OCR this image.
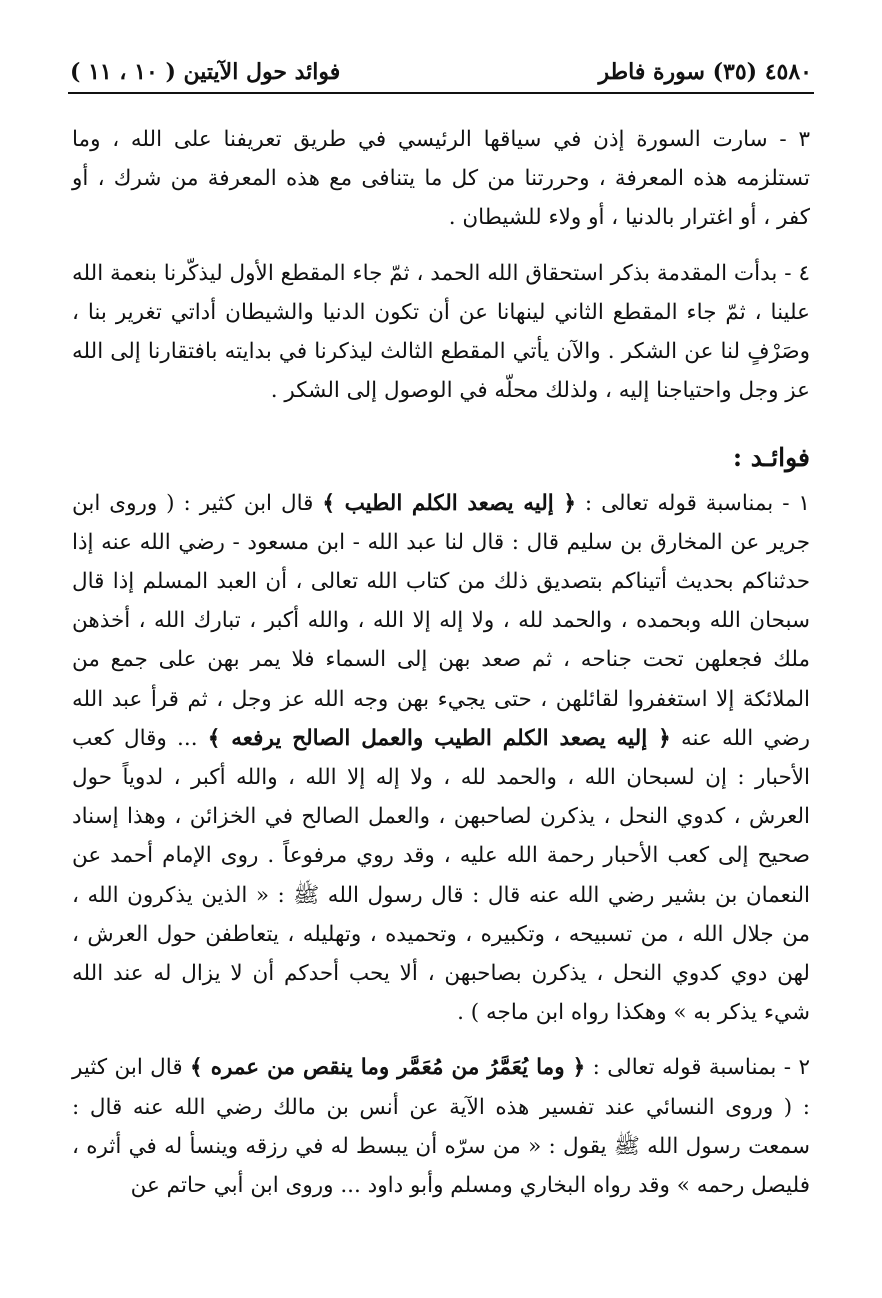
٤٥٨٠ (٣٥) سورة فاطر
فوائد حول الآيتين ( ١٠ ، ١١ )

٣ - سارت السورة إذن في سياقها الرئيسي في طريق تعريفنا على الله ، وما تستلزمه هذه المعرفة ، وحررتنا من كل ما يتنافى مع هذه المعرفة من شرك ، أو كفر ، أو اغترار بالدنيا ، أو ولاء للشيطان .

٤ - بدأت المقدمة بذكر استحقاق الله الحمد ، ثمّ جاء المقطع الأول ليذكّرنا بنعمة الله علينا ، ثمّ جاء المقطع الثاني لينهانا عن أن تكون الدنيا والشيطان أداتي تغرير بنا ، وصَرْفٍ لنا عن الشكر . والآن يأتي المقطع الثالث ليذكرنا في بدايته بافتقارنا إلى الله عز وجل واحتياجنا إليه ، ولذلك محلّه في الوصول إلى الشكر .

فوائـد :

١ - بمناسبة قوله تعالى : ﴿ إليه يصعد الكلم الطيب ﴾ قال ابن كثير : ( وروى ابن جرير عن المخارق بن سليم قال : قال لنا عبد الله - ابن مسعود - رضي الله عنه إذا حدثناكم بحديث أتيناكم بتصديق ذلك من كتاب الله تعالى ، أن العبد المسلم إذا قال سبحان الله وبحمده ، والحمد لله ، ولا إله إلا الله ، والله أكبر ، تبارك الله ، أخذهن ملك فجعلهن تحت جناحه ، ثم صعد بهن إلى السماء فلا يمر بهن على جمع من الملائكة إلا استغفروا لقائلهن ، حتى يجيء بهن وجه الله عز وجل ، ثم قرأ عبد الله رضي الله عنه ﴿ إليه يصعد الكلم الطيب والعمل الصالح يرفعه ﴾ ... وقال كعب الأحبار : إن لسبحان الله ، والحمد لله ، ولا إله إلا الله ، والله أكبر ، لدوياً حول العرش ، كدوي النحل ، يذكرن لصاحبهن ، والعمل الصالح في الخزائن ، وهذا إسناد صحيح إلى كعب الأحبار رحمة الله عليه ، وقد روي مرفوعاً . روى الإمام أحمد عن النعمان بن بشير رضي الله عنه قال : قال رسول الله ﷺ : « الذين يذكرون الله ، من جلال الله ، من تسبيحه ، وتكبيره ، وتحميده ، وتهليله ، يتعاطفن حول العرش ، لهن دوي كدوي النحل ، يذكرن بصاحبهن ، ألا يحب أحدكم أن لا يزال له عند الله شيء يذكر به » وهكذا رواه ابن ماجه ) .

٢ - بمناسبة قوله تعالى : ﴿ وما يُعَمَّرُ من مُعَمَّر وما ينقص من عمره ﴾ قال ابن كثير : ( وروى النسائي عند تفسير هذه الآية عن أنس بن مالك رضي الله عنه قال : سمعت رسول الله ﷺ يقول : « من سرّه أن يبسط له في رزقه وينسأ له في أثره ، فليصل رحمه » وقد رواه البخاري ومسلم وأبو داود ... وروى ابن أبي حاتم عن
